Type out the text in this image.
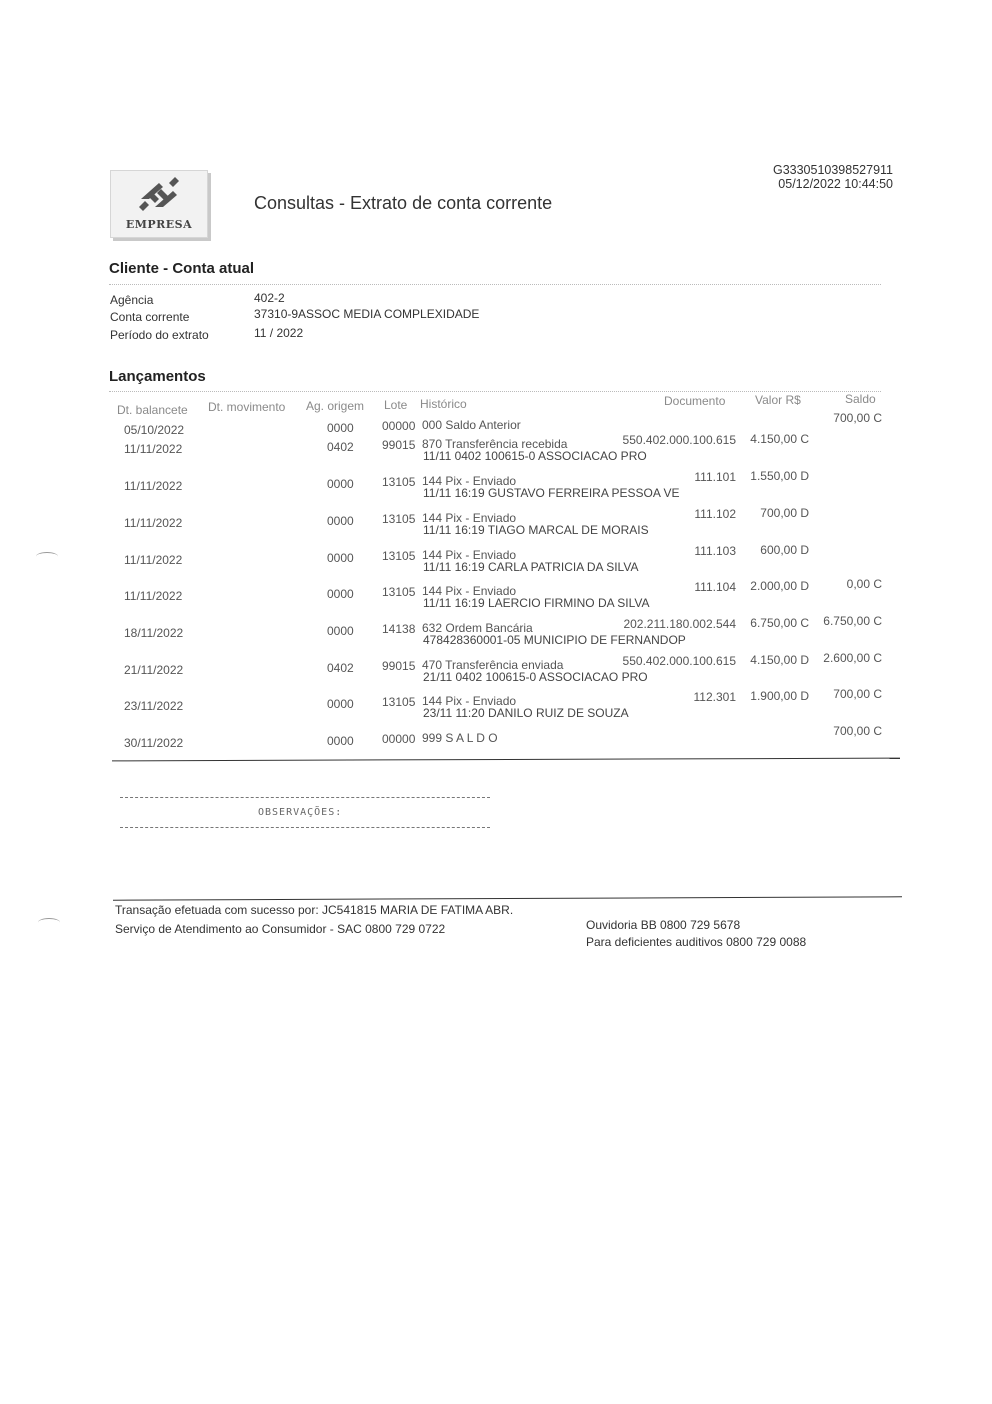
EMPRESA
Consultas - Extrato de conta corrente
G3330510398527911
05/12/2022 10:44:50
Cliente - Conta atual
Agência	402-2
Conta corrente	37310-9ASSOC MEDIA COMPLEXIDADE
Período do extrato	11 / 2022
Lançamentos
Dt. balancete Dt. movimento Ag. origem Lote Histórico	Documento Valor R$	Saldo
05/10/2022	0000 00000 000 Saldo Anterior	700,00 C
11/11/2022	0402 99015 870 Transferência recebida	550.402.000.100.615 4.150,00 C
11/11 0402 100615-0 ASSOCIACAO PRO
11/11/2022	0000 13105 144 Pix - Enviado	111.101 1.550,00 D
11/11 16:19 GUSTAVO FERREIRA PESSOA VE
11/11/2022	0000 13105 144 Pix - Enviado	111.102 700,00 D
11/11 16:19 TIAGO MARCAL DE MORAIS
11/11/2022	0000 13105 144 Pix - Enviado	111.103 600,00 D
11/11 16:19 CARLA PATRICIA DA SILVA
11/11/2022	0000 13105 144 Pix - Enviado	111.104 2.000,00 D	0,00 C
11/11 16:19 LAERCIO FIRMINO DA SILVA
18/11/2022	0000 14138 632 Ordem Bancária	202.211.180.002.544 6.750,00 C 6.750,00 C
478428360001-05 MUNICIPIO DE FERNANDOP
21/11/2022	0402 99015 470 Transferência enviada	550.402.000.100.615 4.150,00 D 2.600,00 C
21/11 0402 100615-0 ASSOCIACAO PRO
23/11/2022	0000 13105 144 Pix - Enviado	112.301 1.900,00 D 700,00 C
23/11 11:20 DANILO RUIZ DE SOUZA
30/11/2022	0000 00000 999 S A L D O	700,00 C
OBSERVAÇÕES:
Transação efetuada com sucesso por: JC541815 MARIA DE FATIMA ABR.
Serviço de Atendimento ao Consumidor - SAC 0800 729 0722	Ouvidoria BB 0800 729 5678
Para deficientes auditivos 0800 729 0088
